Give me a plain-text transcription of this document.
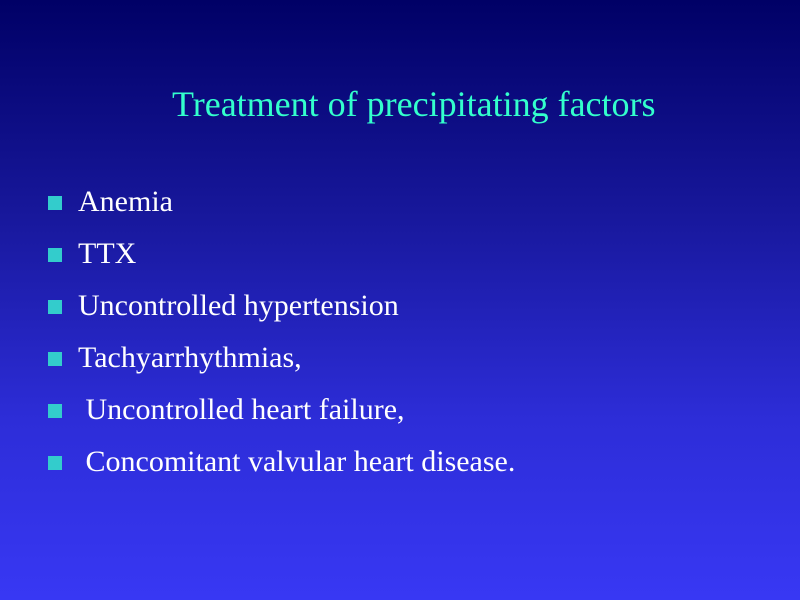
Treatment of precipitating factors
Anemia
TTX
Uncontrolled hypertension
Tachyarrhythmias,
Uncontrolled heart failure,
Concomitant valvular heart disease.
